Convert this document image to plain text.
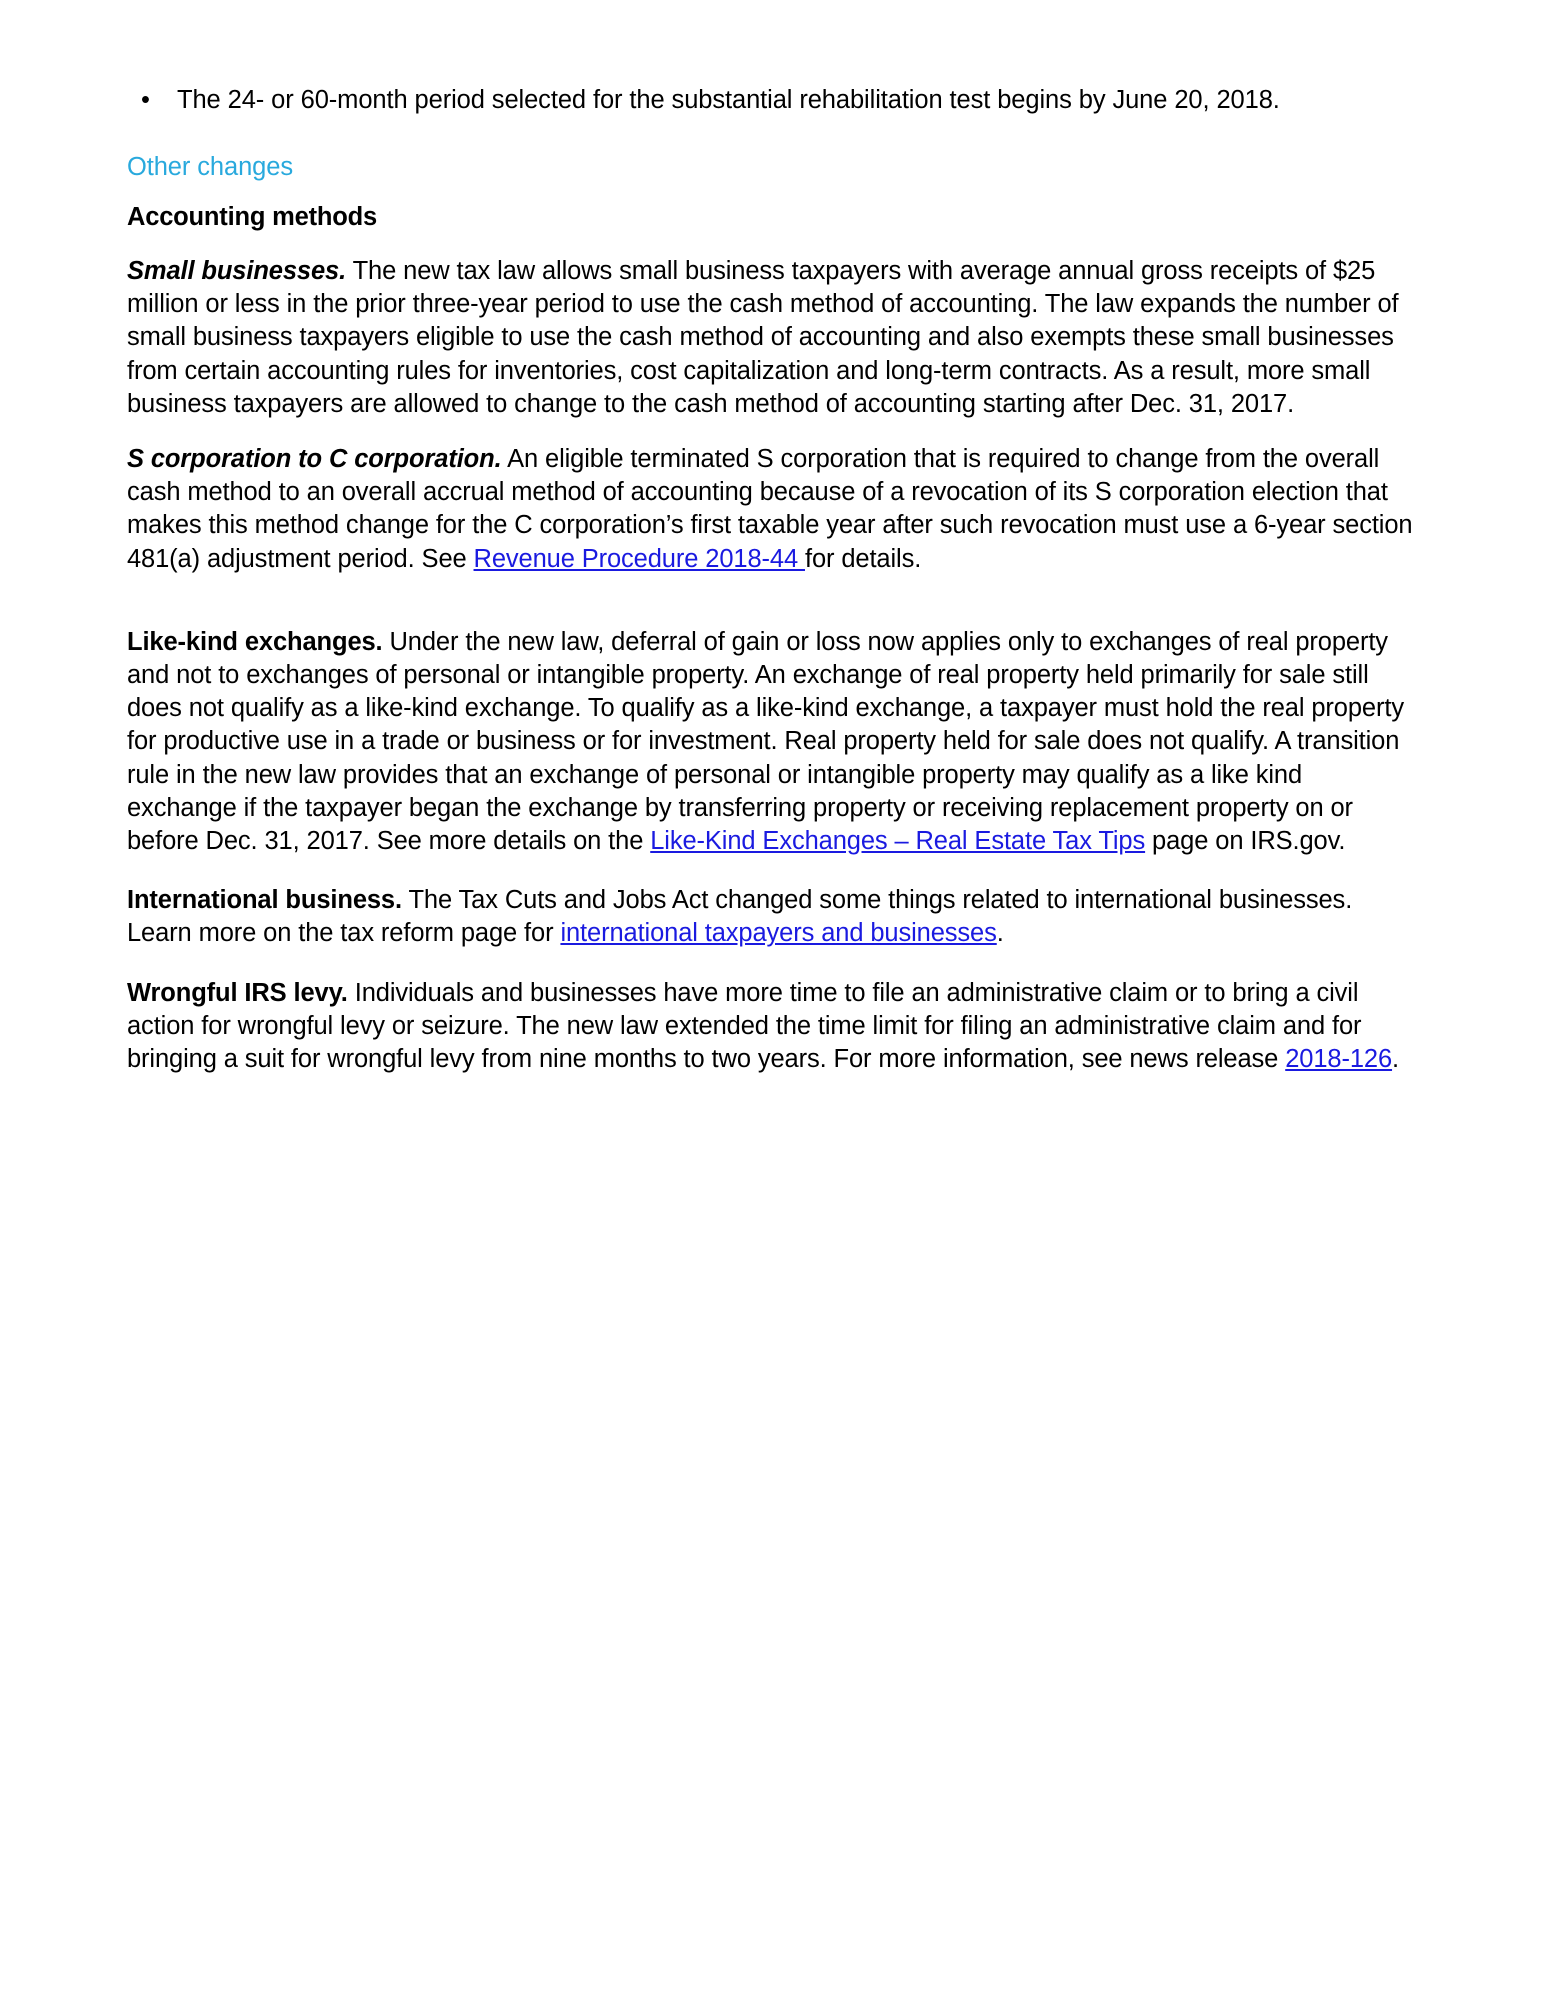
• The 24- or 60-month period selected for the substantial rehabilitation test begins by June 20, 2018.
Other changes
Accounting methods

Small businesses. The new tax law allows small business taxpayers with average annual gross receipts of $25 million or less in the prior three-year period to use the cash method of accounting. The law expands the number of small business taxpayers eligible to use the cash method of accounting and also exempts these small businesses from certain accounting rules for inventories, cost capitalization and long-term contracts. As a result, more small business taxpayers are allowed to change to the cash method of accounting starting after Dec. 31, 2017.

S corporation to C corporation. An eligible terminated S corporation that is required to change from the overall cash method to an overall accrual method of accounting because of a revocation of its S corporation election that makes this method change for the C corporation’s first taxable year after such revocation must use a 6-year section 481(a) adjustment period. See Revenue Procedure 2018-44 for details.

Like-kind exchanges. Under the new law, deferral of gain or loss now applies only to exchanges of real property and not to exchanges of personal or intangible property. An exchange of real property held primarily for sale still does not qualify as a like-kind exchange. To qualify as a like-kind exchange, a taxpayer must hold the real property for productive use in a trade or business or for investment. Real property held for sale does not qualify. A transition rule in the new law provides that an exchange of personal or intangible property may qualify as a like kind exchange if the taxpayer began the exchange by transferring property or receiving replacement property on or before Dec. 31, 2017. See more details on the Like-Kind Exchanges – Real Estate Tax Tips page on IRS.gov.

International business. The Tax Cuts and Jobs Act changed some things related to international businesses. Learn more on the tax reform page for international taxpayers and businesses.

Wrongful IRS levy. Individuals and businesses have more time to file an administrative claim or to bring a civil action for wrongful levy or seizure. The new law extended the time limit for filing an administrative claim and for bringing a suit for wrongful levy from nine months to two years. For more information, see news release 2018-126.
